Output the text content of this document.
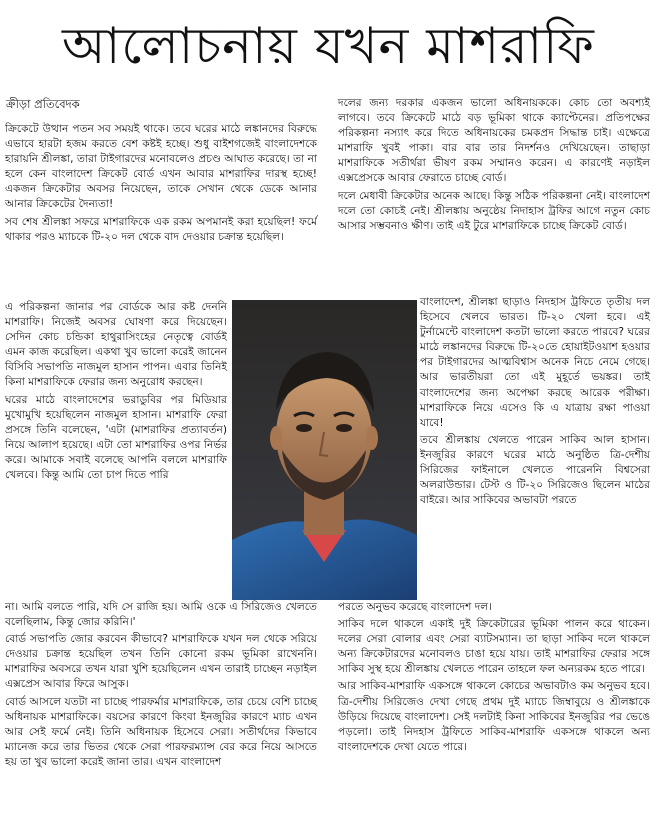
আলোচনায় যখন মাশরাফি
ক্রীড়া প্রতিবেদক

ক্রিকেটে উত্থান পতন সব সময়ই থাকে। তবে ঘরের মাঠে লঙ্কানদের বিরুদ্ধে এভাবে হারটা হজম করতে বেশ কষ্টই হচ্ছে। শুধু বাইশগজেই বাংলাদেশকে হারায়নি শ্রীলঙ্কা, তারা টাইগারদের মনোবলেও প্রচণ্ড আঘাত করেছে। তা না হলে কেন বাংলাদেশ ক্রিকেট বোর্ড এখন আবার মাশরাফির দারস্থ হচ্ছে! একজন ক্রিকেটার অবসর নিয়েছেন, তাকে সেখান থেকে ডেকে আনার আনার ক্রিকেটের দৈন্যতা!

সব শেষ শ্রীলঙ্কা সফরে মাশরাফিকে এক রকম অপমানই করা হয়েছিল! ফর্মে থাকার পরও ম্যাচকে টি-২০ দল থেকে বাদ দেওয়ার চক্রান্ত হয়েছিল।

দলের জন্য দরকার একজন ভালো অধিনায়ককে। কোচ তো অবশ্যই লাগবে। তবে ক্রিকেটে মাঠে বড় ভূমিকা থাকে ক্যাপ্টেনের। প্রতিপক্ষের পরিকল্পনা নস্যাৎ করে দিতে অধিনায়কের চমকপ্রদ সিদ্ধান্ত চাই। এক্ষেত্রে মাশরাফি খুবই পাকা। বার বার তার নিদর্শনও দেখিয়েছেন। তাছাড়া মাশরাফিকে সতীর্থরা ভীষণ রকম সম্মানও করেন। এ কারণেই নড়াইল এক্সপ্রেসকে আবার ফেরাতে চাচ্ছে বোর্ড।

দলে মেধাবী ক্রিকেটার অনেক আছে। কিন্তু সঠিক পরিকল্পনা নেই। বাংলাদেশ দলে তো কোচই নেই। শ্রীলঙ্কায় অনুষ্ঠেয় নিদাহাস ট্রফির আগে নতুন কোচ আসার সম্ভবনাও ক্ষীণ। তাই এই টুরে মাশরাফিকে চাচ্ছে ক্রিকেট বোর্ড।

এ পরিকল্পনা জানার পর বোর্ডকে আর কষ্ট দেননি মাশরাফি। নিজেই অবসর ঘোষণা করে দিয়েছেন। সেদিন কোচ চন্ডিকা হাথুরাসিংহের নেতৃত্বে বোর্ডই এমন কাজ করেছিল। একথা খুব ভালো করেই জানেন বিসিবি সভাপতি নাজমুল হাসান পাপন। এবার তিনিই কিনা মাশরাফিকে ফেরার জন্য অনুরোধ করছেন।

ঘরের মাঠে বাংলাদেশের ভরাডুবির পর মিডিয়ার মুখোমুখি হয়েছিলেন নাজমুল হাসান। মাশরাফি ফেরা প্রসঙ্গে তিনি বলেছেন, 'এটা (মাশরাফির প্রত্যাবর্তন) নিয়ে আলাপ হয়েছে। এটা তো মাশরাফির ওপর নির্ভর করে। আমাকে সবাই বলেছে আপনি বললে মাশরাফি খেলবে। কিন্তু আমি তো চাপ দিতে পারি

বাংলাদেশ, শ্রীলঙ্কা ছাড়াও নিদহাস ট্রফিতে তৃতীয় দল হিসেবে খেলবে ভারত। টি-২০ খেলা হবে। এই টুর্নামেন্টে বাংলাদেশ কতটা ভালো করতে পারবে? ঘরের মাঠে লঙ্কানদের বিরুদ্ধে টি-২০তে হোয়াইটওয়াশ হওয়ার পর টাইগারদের আত্মবিশ্বাস অনেক নিচে নেমে গেছে। আর ভারতীয়রা তো এই মুহূর্তে ভয়ঙ্কর। তাই বাংলাদেশের জন্য অপেক্ষা করছে আরেক পরীক্ষা। মাশরাফিকে নিয়ে এসেও কি এ যাত্রায় রক্ষা পাওয়া যাবে!

তবে শ্রীলঙ্কায় খেলতে পারেন সাকিব আল হাসান। ইনজুরির কারণে ঘরের মাঠে অনুষ্ঠিত ত্রি-দেশীয় সিরিজের ফাইনালে খেলতে পারেননি বিশ্বসেরা অলরাউন্ডার। টেস্ট ও টি-২০ সিরিজেও ছিলেন মাঠের বাইরে। আর সাকিবের অভাবটা পরতে

না। আমি বলতে পারি, যদি সে রাজি হয়। আমি ওকে এ সিরিজেও খেলতে বলেছিলাম, কিন্তু জোর করিনি।'

বোর্ড সভাপতি জোর করবেন কীভাবে? মাশরাফিকে যখন দল থেকে সরিয়ে দেওয়ার চক্রান্ত হয়েছিল তখন তিনি কোনো রকম ভূমিকা রাখেননি। মাশরাফির অবসরে তখন যারা খুশি হয়েছিলেন এখন তারাই চাচ্ছেন নড়াইল এক্সপ্রেস আবার ফিরে আসুক।

বোর্ড আসলে যতটা না চাচ্ছে পারফর্মার মাশরাফিকে, তার চেয়ে বেশি চাচ্ছে অধিনায়ক মাশরাফিকে। বয়সের কারণে কিংবা ইনজুরির কারণে ম্যাচ এখন আর সেই ফর্মে নেই। তিনি অধিনায়ক হিসেবে সেরা। সতীর্থদের কিভাবে ম্যানেজ করে তার ভিতর থেকে সেরা পারফরম্যান্স বের করে নিয়ে আসতে হয় তা খুব ভালো করেই জানা তার। এখন বাংলাদেশ

পরতে অনুভব করেছে বাংলাদেশ দল।

সাকিব দলে থাকলে একাই দুই ক্রিকেটারের ভূমিকা পালন করে থাকেন। দলের সেরা বোলার এবং সেরা ব্যাটসম্যান। তা ছাড়া সাকিব দলে থাকলে অন্য ক্রিকেটারদের মনোবলও চাঙা হয়ে যায়। তাই মাশরাফির ফেরার সঙ্গে সাকিব সুস্থ হয়ে শ্রীলঙ্কায় খেলতে পারেন তাহলে ফল অন্যরকম হতে পারে।

আর সাকিব-মাশরাফি একসঙ্গে থাকলে কোচের অভাবটাও কম অনুভব হবে। ত্রি-দেশীয় সিরিজেও দেখা গেছে প্রথম দুই ম্যাচে জিম্বাবুয়ে ও শ্রীলঙ্কাকে উড়িয়ে দিয়েছে বাংলাদেশ। সেই দলটাই কিনা সাকিবের ইনজুরির পর ভেঙে পড়লো। তাই নিদহাস ট্রফিতে সাকিব-মাশরাফি একসঙ্গে থাকলে অন্য বাংলাদেশকে দেখা যেতে পারে।
